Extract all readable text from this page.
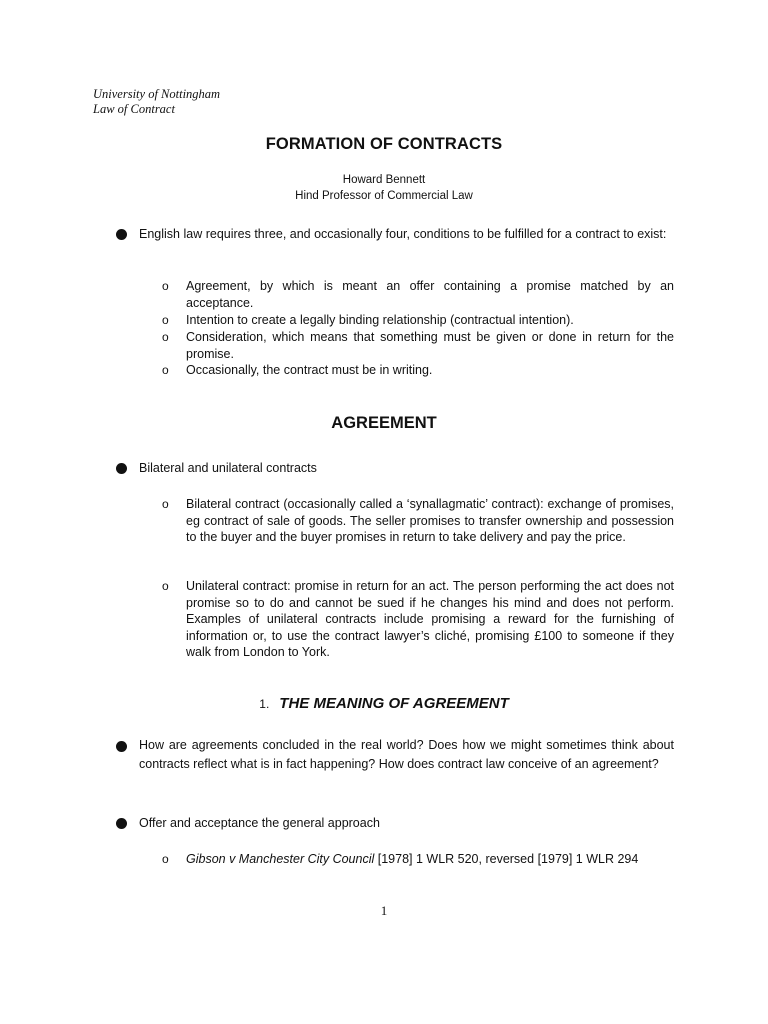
University of Nottingham
Law of Contract
FORMATION OF CONTRACTS
Howard Bennett
Hind Professor of Commercial Law
English law requires three, and occasionally four, conditions to be fulfilled for a contract to exist:
o Agreement, by which is meant an offer containing a promise matched by an acceptance.
o Intention to create a legally binding relationship (contractual intention).
o Consideration, which means that something must be given or done in return for the promise.
o Occasionally, the contract must be in writing.
AGREEMENT
Bilateral and unilateral contracts
o Bilateral contract (occasionally called a ‘synallagmatic’ contract): exchange of promises, eg contract of sale of goods. The seller promises to transfer ownership and possession to the buyer and the buyer promises in return to take delivery and pay the price.
o Unilateral contract: promise in return for an act. The person performing the act does not promise so to do and cannot be sued if he changes his mind and does not perform. Examples of unilateral contracts include promising a reward for the furnishing of information or, to use the contract lawyer’s cliché, promising £100 to someone if they walk from London to York.
1. THE MEANING OF AGREEMENT
How are agreements concluded in the real world? Does how we might sometimes think about contracts reflect what is in fact happening? How does contract law conceive of an agreement?
Offer and acceptance the general approach
o Gibson v Manchester City Council [1978] 1 WLR 520, reversed [1979] 1 WLR 294
1
